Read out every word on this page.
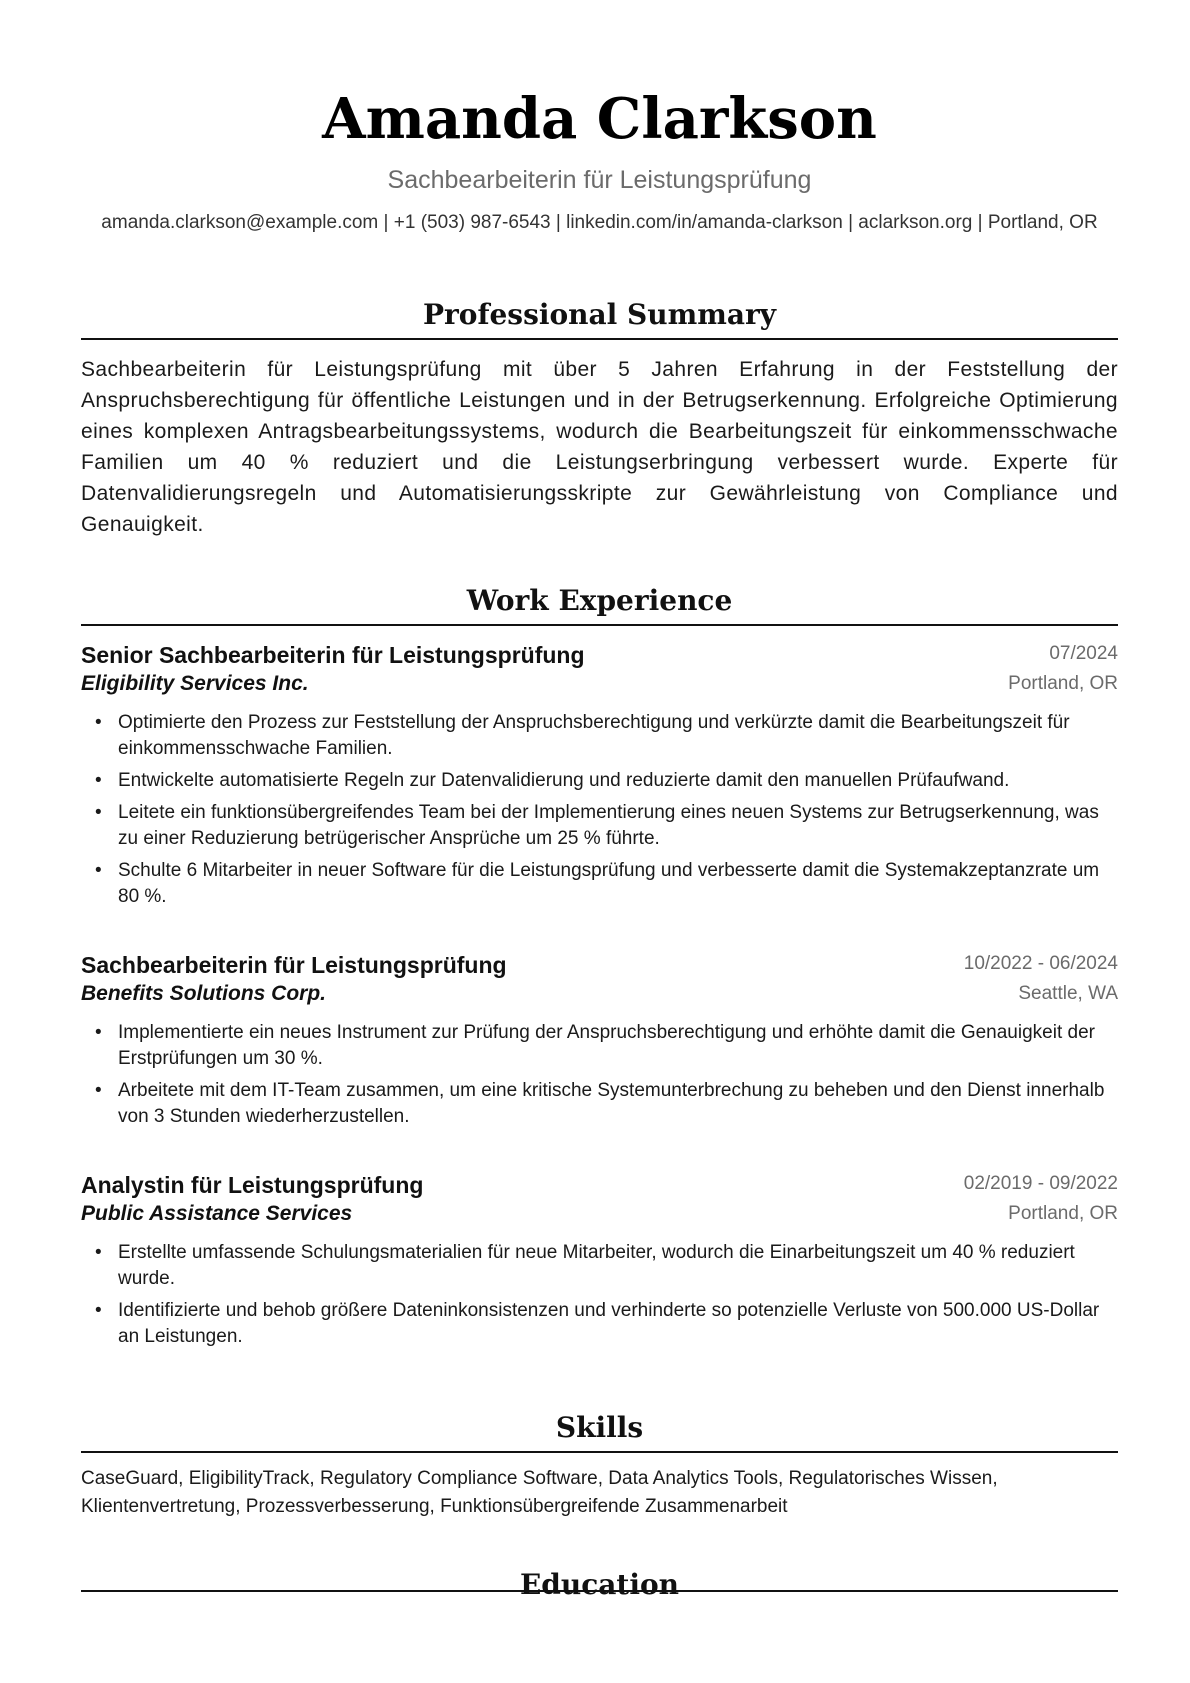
Amanda Clarkson
Sachbearbeiterin für Leistungsprüfung
amanda.clarkson@example.com | +1 (503) 987-6543 | linkedin.com/in/amanda-clarkson | aclarkson.org | Portland, OR
Professional Summary
Sachbearbeiterin für Leistungsprüfung mit über 5 Jahren Erfahrung in der Feststellung der Anspruchsberechtigung für öffentliche Leistungen und in der Betrugserkennung. Erfolgreiche Optimierung eines komplexen Antragsbearbeitungssystems, wodurch die Bearbeitungszeit für einkommensschwache Familien um 40 % reduziert und die Leistungserbringung verbessert wurde. Experte für Datenvalidierungsregeln und Automatisierungsskripte zur Gewährleistung von Compliance und Genauigkeit.
Work Experience
Senior Sachbearbeiterin für Leistungsprüfung	07/2024
Eligibility Services Inc.	Portland, OR
• Optimierte den Prozess zur Feststellung der Anspruchsberechtigung und verkürzte damit die Bearbeitungszeit für einkommensschwache Familien.
• Entwickelte automatisierte Regeln zur Datenvalidierung und reduzierte damit den manuellen Prüfaufwand.
• Leitete ein funktionsübergreifendes Team bei der Implementierung eines neuen Systems zur Betrugserkennung, was zu einer Reduzierung betrügerischer Ansprüche um 25 % führte.
• Schulte 6 Mitarbeiter in neuer Software für die Leistungsprüfung und verbesserte damit die Systemakzeptanzrate um 80 %.
Sachbearbeiterin für Leistungsprüfung	10/2022 - 06/2024
Benefits Solutions Corp.	Seattle, WA
• Implementierte ein neues Instrument zur Prüfung der Anspruchsberechtigung und erhöhte damit die Genauigkeit der Erstprüfungen um 30 %.
• Arbeitete mit dem IT-Team zusammen, um eine kritische Systemunterbrechung zu beheben und den Dienst innerhalb von 3 Stunden wiederherzustellen.
Analystin für Leistungsprüfung	02/2019 - 09/2022
Public Assistance Services	Portland, OR
• Erstellte umfassende Schulungsmaterialien für neue Mitarbeiter, wodurch die Einarbeitungszeit um 40 % reduziert wurde.
• Identifizierte und behob größere Dateninkonsistenzen und verhinderte so potenzielle Verluste von 500.000 US-Dollar an Leistungen.
Skills
CaseGuard, EligibilityTrack, Regulatory Compliance Software, Data Analytics Tools, Regulatorisches Wissen, Klientenvertretung, Prozessverbesserung, Funktionsübergreifende Zusammenarbeit
Education
